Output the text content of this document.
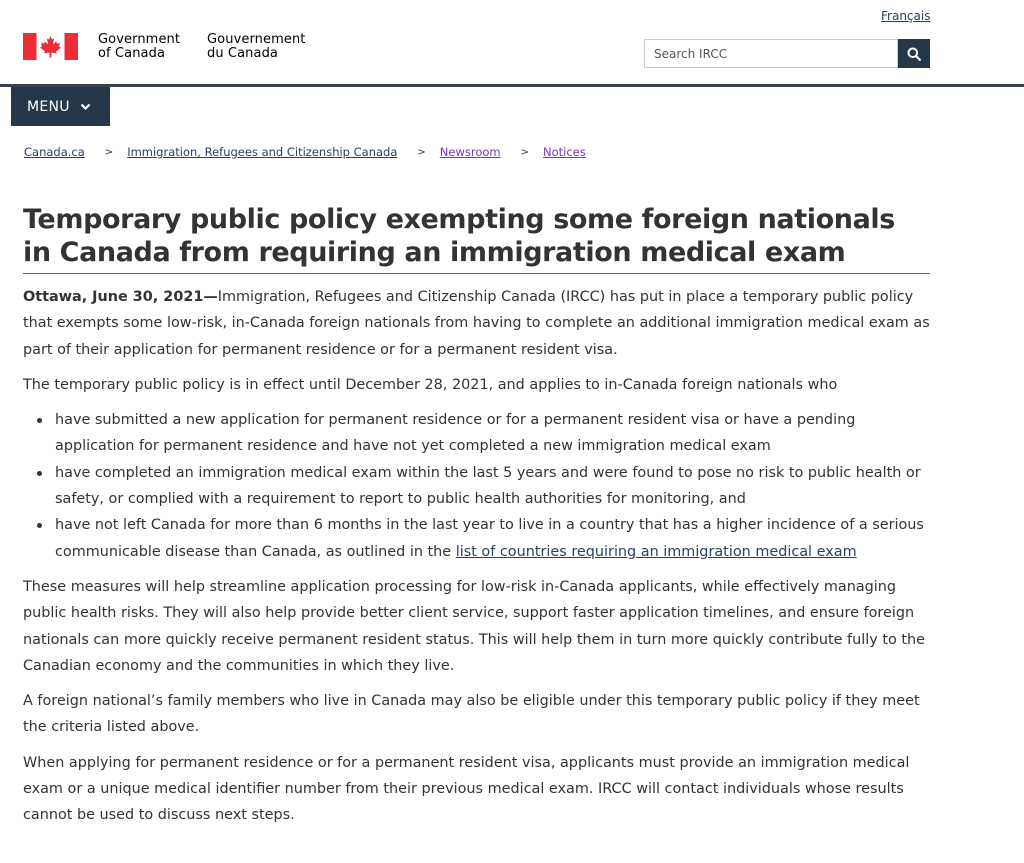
Français
Government
of Canada
Gouvernement
du Canada
Search IRCC
MENU
Canada.ca > Immigration, Refugees and Citizenship Canada > Newsroom > Notices
Temporary public policy exempting some foreign nationals in Canada from requiring an immigration medical exam

Ottawa, June 30, 2021—Immigration, Refugees and Citizenship Canada (IRCC) has put in place a temporary public policy that exempts some low-risk, in-Canada foreign nationals from having to complete an additional immigration medical exam as part of their application for permanent residence or for a permanent resident visa.

The temporary public policy is in effect until December 28, 2021, and applies to in-Canada foreign nationals who

have submitted a new application for permanent residence or for a permanent resident visa or have a pending application for permanent residence and have not yet completed a new immigration medical exam
have completed an immigration medical exam within the last 5 years and were found to pose no risk to public health or safety, or complied with a requirement to report to public health authorities for monitoring, and
have not left Canada for more than 6 months in the last year to live in a country that has a higher incidence of a serious communicable disease than Canada, as outlined in the list of countries requiring an immigration medical exam

These measures will help streamline application processing for low-risk in-Canada applicants, while effectively managing public health risks. They will also help provide better client service, support faster application timelines, and ensure foreign nationals can more quickly receive permanent resident status. This will help them in turn more quickly contribute fully to the Canadian economy and the communities in which they live.

A foreign national’s family members who live in Canada may also be eligible under this temporary public policy if they meet the criteria listed above.

When applying for permanent residence or for a permanent resident visa, applicants must provide an immigration medical exam or a unique medical identifier number from their previous medical exam. IRCC will contact individuals whose results cannot be used to discuss next steps.
